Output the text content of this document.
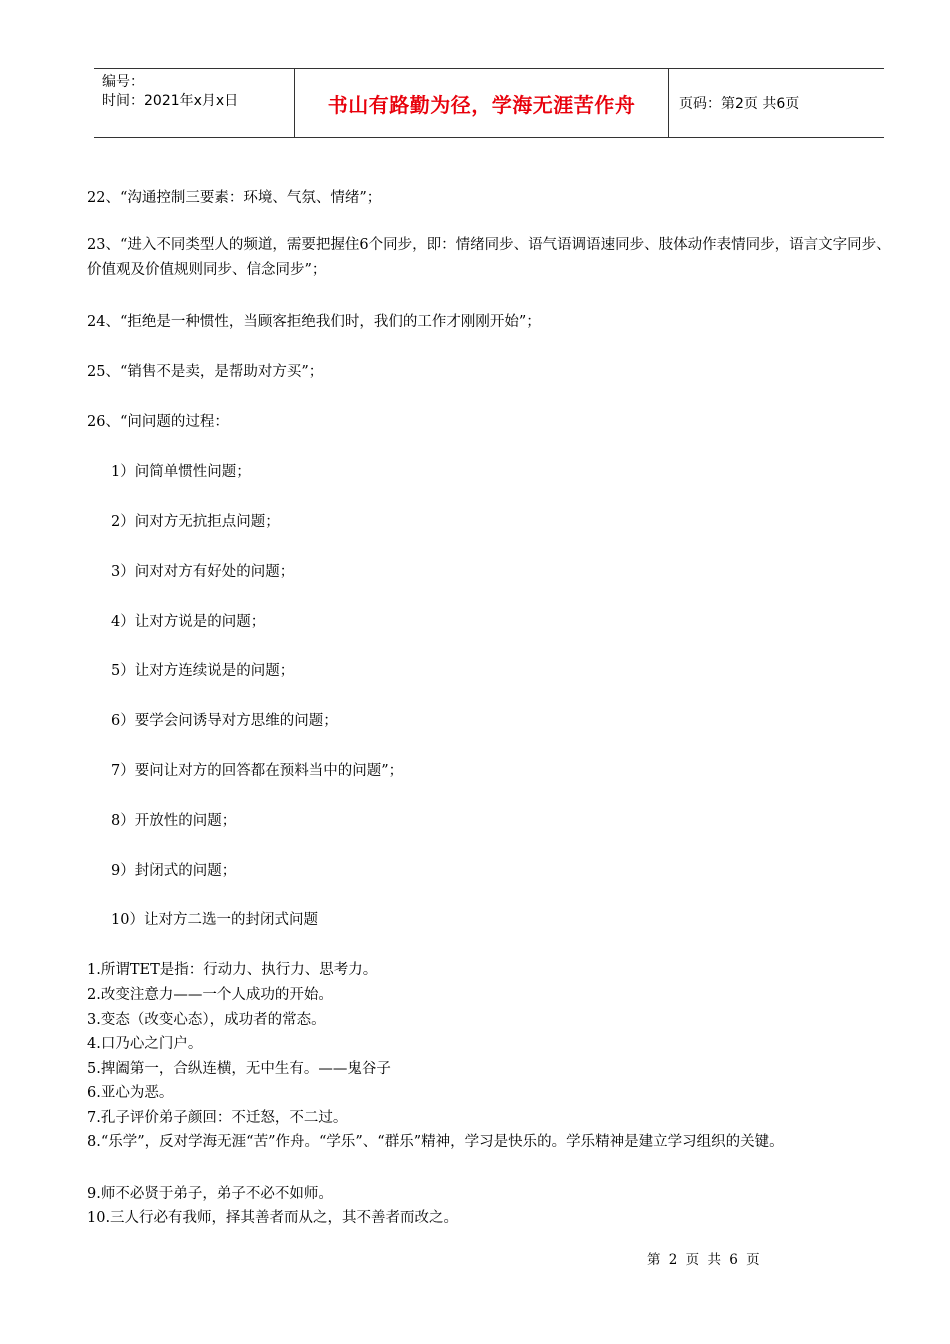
编号：
时间：2021年x月x日	书山有路勤为径，学海无涯苦作舟	页码：第2页 共6页
22、“沟通控制三要素：环境、气氛、情绪”；
23、“进入不同类型人的频道，需要把握住6个同步，即：情绪同步、语气语调语速同步、肢体动作表情同步，语言文字同步、价值观及价值规则同步、信念同步”；
24、“拒绝是一种惯性，当顾客拒绝我们时，我们的工作才刚刚开始”；
25、“销售不是卖，是帮助对方买”；
26、“问问题的过程：
1）问简单惯性问题；
2）问对方无抗拒点问题；
3）问对对方有好处的问题；
4）让对方说是的问题；
5）让对方连续说是的问题；
6）要学会问诱导对方思维的问题；
7）要问让对方的回答都在预料当中的问题”；
8）开放性的问题；
9）封闭式的问题；
10）让对方二选一的封闭式问题
1.所谓TET是指：行动力、执行力、思考力。
2.改变注意力——一个人成功的开始。
3.变态（改变心态），成功者的常态。
4.口乃心之门户。
5.捭阖第一，合纵连横，无中生有。——鬼谷子
6.亚心为恶。
7.孔子评价弟子颜回：不迁怒，不二过。
8.“乐学”，反对学海无涯“苦”作舟。“学乐”、“群乐”精神，学习是快乐的。学乐精神是建立学习组织的关键。
9.师不必贤于弟子，弟子不必不如师。
10.三人行必有我师，择其善者而从之，其不善者而改之。
第 2 页 共 6 页
